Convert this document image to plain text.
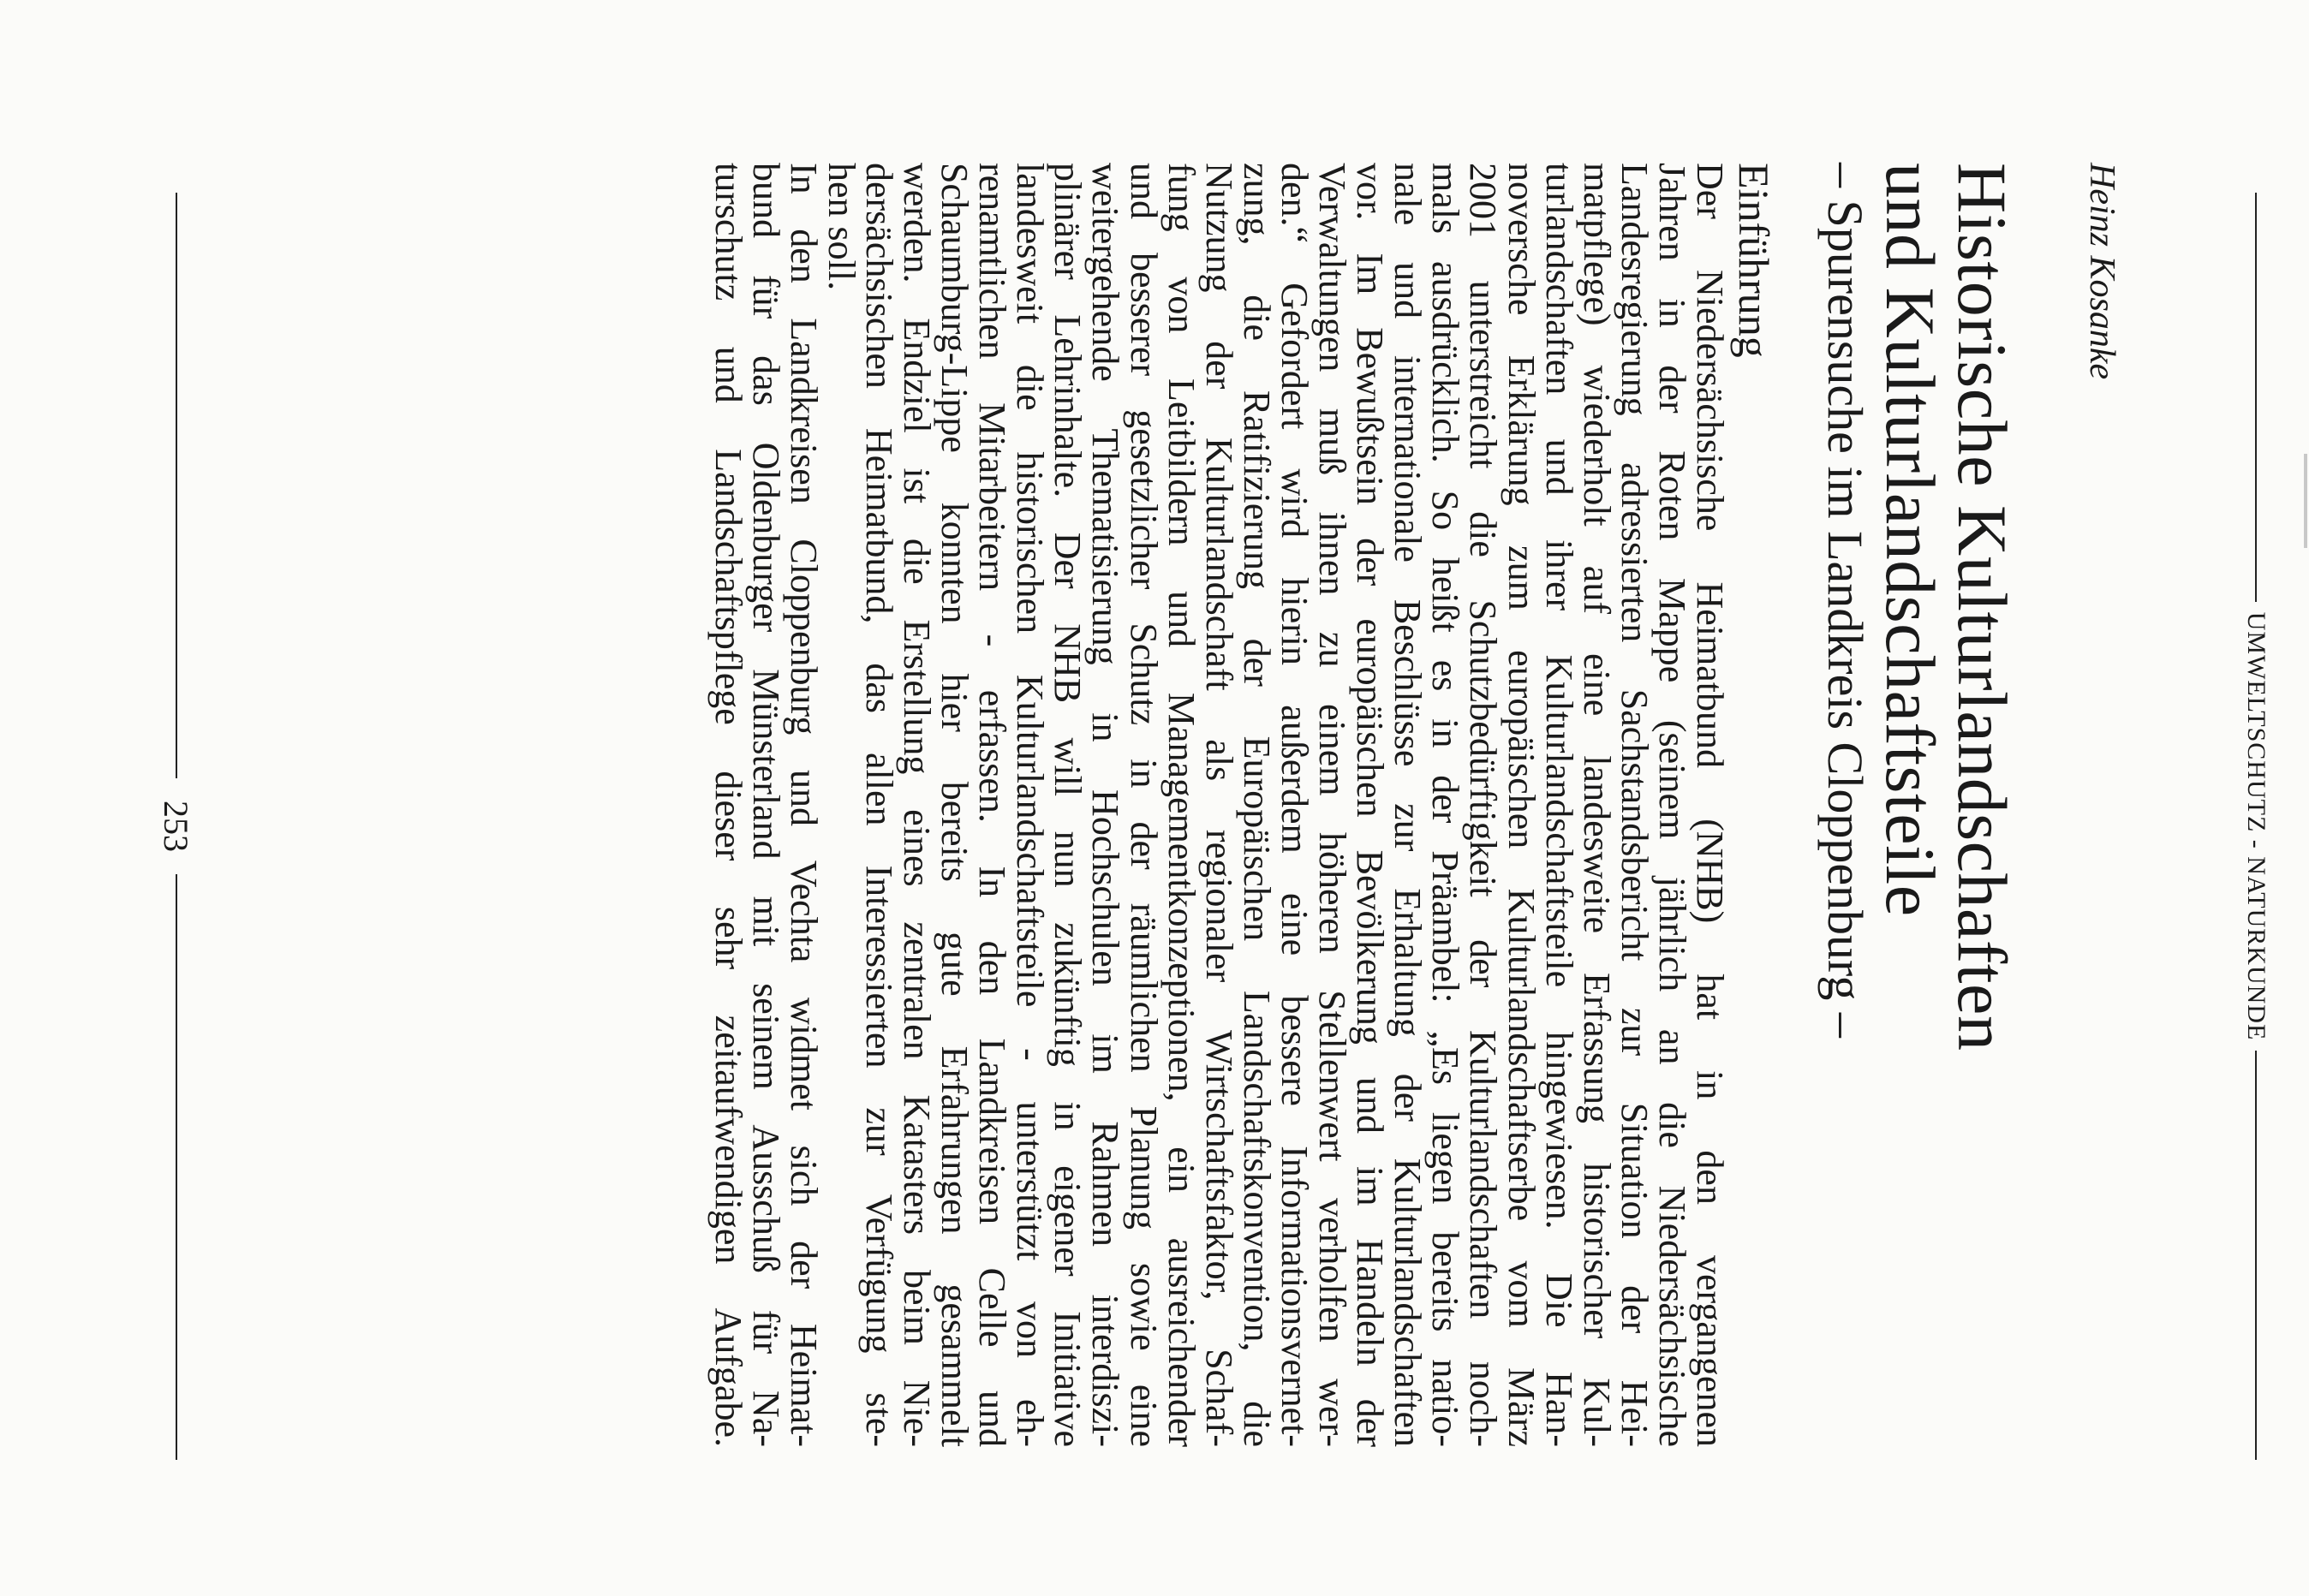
UMWELTSCHUTZ - NATURKUNDE
Heinz Kosanke
Historische Kulturlandschaften
und Kulturlandschaftsteile
– Spurensuche im Landkreis Cloppenburg –
Einführung
Der Niedersächsische Heimatbund (NHB) hat in den vergangenen
Jahren in der Roten Mappe (seinem jährlich an die Niedersächsische
Landesregierung adressierten Sachstandsbericht zur Situation der Hei-
matpflege) wiederholt auf eine landesweite Erfassung historischer Kul-
turlandschaften und ihrer Kulturlandschaftsteile hingewiesen. Die Han-
noversche Erklärung zum europäischen Kulturlandschaftserbe vom März
2001 unterstreicht die Schutzbedürftigkeit der Kulturlandschaften noch-
mals ausdrücklich. So heißt es in der Präambel: „Es liegen bereits natio-
nale und internationale Beschlüsse zur Erhaltung der Kulturlandschaften
vor. Im Bewußtsein der europäischen Bevölkerung und im Handeln der
Verwaltungen muß ihnen zu einem höheren Stellenwert verholfen wer-
den.“ Gefordert wird hierin außerdem eine bessere Informationsvernet-
zung, die Ratifizierung der Europäischen Landschaftskonvention, die
Nutzung der Kulturlandschaft als regionaler Wirtschaftsfaktor, Schaf-
fung von Leitbildern und Managementkonzeptionen, ein ausreichender
und besserer gesetzlicher Schutz in der räumlichen Planung sowie eine
weitergehende Thematisierung in Hochschulen im Rahmen interdiszi-
plinärer Lehrinhalte. Der NHB will nun zukünftig in eigener Initiative
landesweit die historischen Kulturlandschaftsteile - unterstützt von eh-
renamtlichen Mitarbeitern - erfassen. In den Landkreisen Celle und
Schaumburg-Lippe konnten hier bereits gute Erfahrungen gesammelt
werden. Endziel ist die Erstellung eines zentralen Katasters beim Nie-
dersächsischen Heimatbund, das allen Interessierten zur Verfügung ste-
hen soll.
In den Landkreisen Cloppenburg und Vechta widmet sich der Heimat-
bund für das Oldenburger Münsterland mit seinem Ausschuß für Na-
turschutz und Landschaftspflege dieser sehr zeitaufwendigen Aufgabe.
253
